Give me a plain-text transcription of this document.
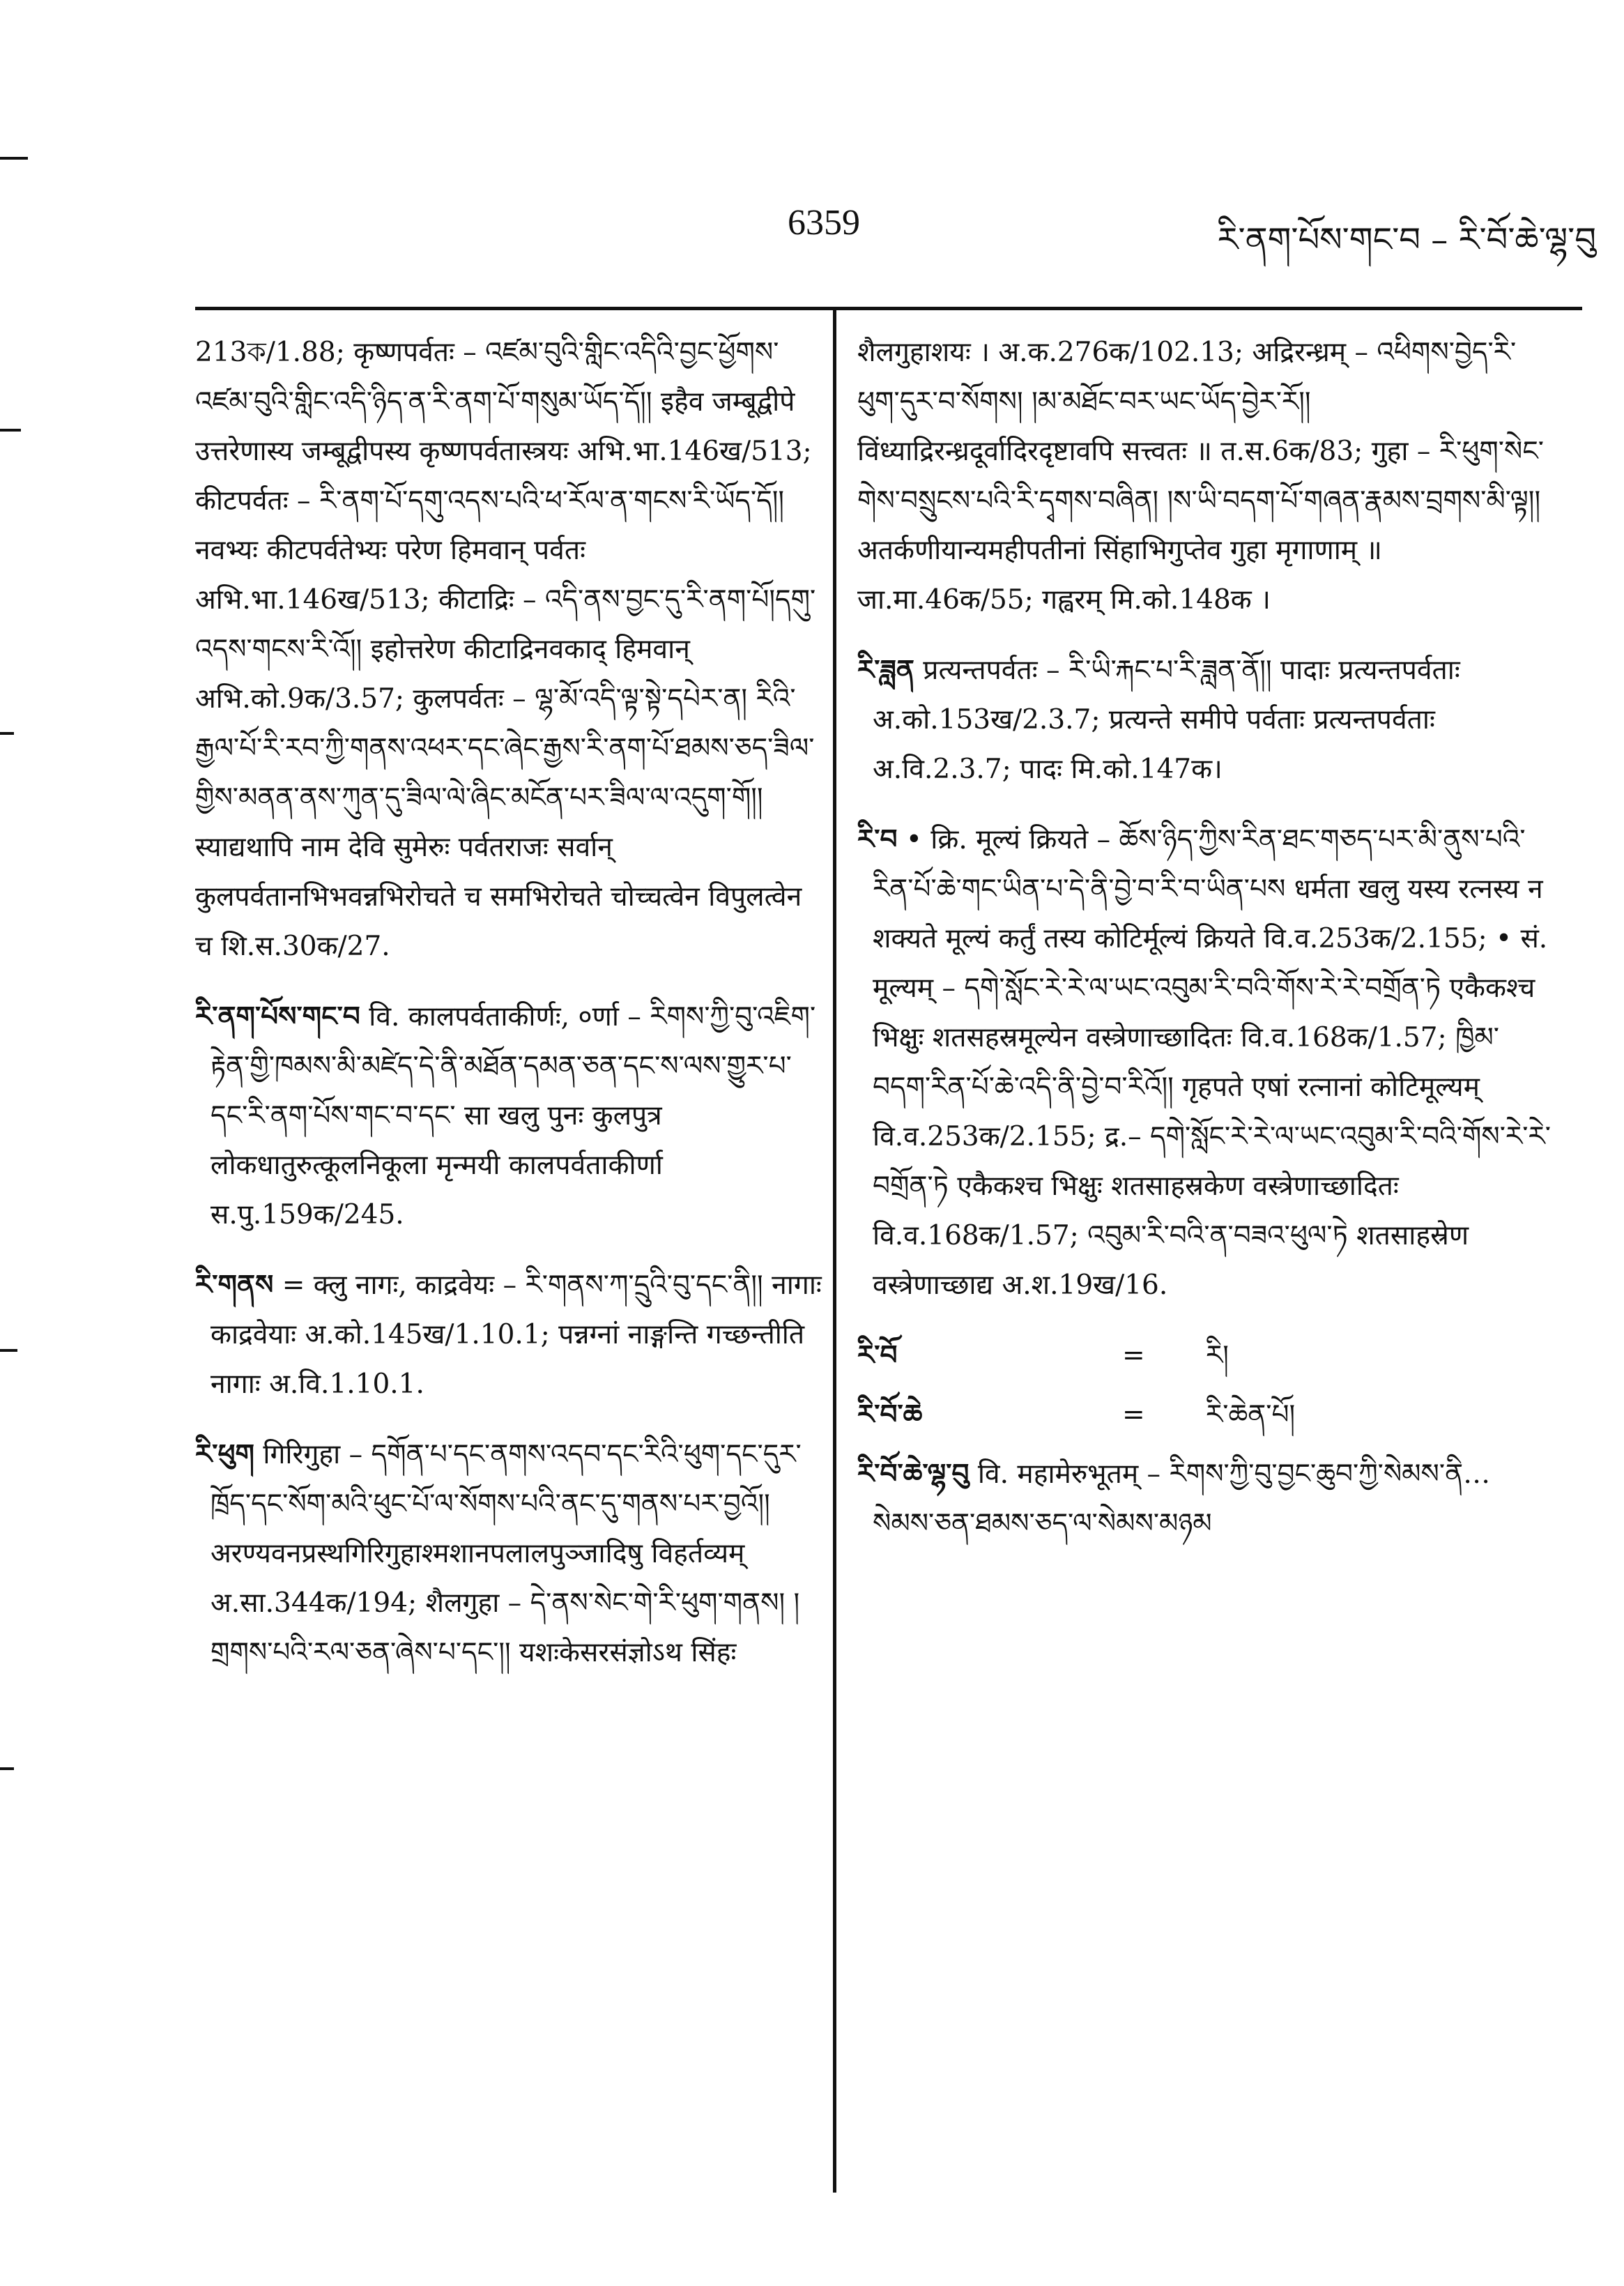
6359	རི་ནག་པོས་གང་བ – རི་བོ་ཆེ་ལྷ་བུ

213ক/1.88; कृष्णपर्वतः – འཛམ་བུའི་གླིང་འདིའི་བྱང་ཕྱོགས་འཛམ་བུའི་གླིང་འདི་ཉིད་ན་རི་ནག་པོ་གསུམ་ཡོད་དོ།། इहैव जम्बूद्वीपे उत्तरेणास्य जम्बूद्वीपस्य कृष्णपर्वतास्त्रयः अभि.भा.146ख/513; कीटपर्वतः – རི་ནག་པོ་དགུ་འདས་པའི་ཕ་རོལ་ན་གངས་རི་ཡོད་དོ།། नवभ्यः कीटपर्वतेभ्यः परेण हिमवान् पर्वतः अभि.भा.146ख/513; कीटाद्रिः – འདི་ནས་བྱང་དུ་རི་ནག་པོ།དགུ་འདས་གངས་རི་འོ།། इहोत्तरेण कीटाद्रिनवकाद् हिमवान् अभि.को.9क/3.57; कुलपर्वतः – ལྷ་མོ་འདི་ལྟ་སྟེ་དཔེར་ན། རིའི་རྒྱལ་པོ་རི་རབ་ཀྱི་གནས་འཕར་དང་ཞེང་རྒྱས་རི་ནག་པོ་ཐམས་ཅད་ཟིལ་གྱིས་མནན་ནས་ཀུན་དུ་ཟིལ་ལེ་ཞིང་མངོན་པར་ཟིལ་ལ་འདུག་གོ།། स्याद्यथापि नाम देवि सुमेरुः पर्वतराजः सर्वान् कुलपर्वतानभिभवन्नभिरोचते च समभिरोचते चोच्चत्वेन विपुलत्वेन च शि.स.30क/27.

རི་ནག་པོས་གང་བ वि. कालपर्वताकीर्णः, ०र्णा – རིགས་ཀྱི་བུ་འཇིག་རྟེན་གྱི་ཁམས་མི་མཛེད་དེ་ནི་མཐོན་དམན་ཅན་དང་ས་ལས་གྱུར་པ་དང་རི་ནག་པོས་གང་བ་དང་ सा खलु पुनः कुलपुत्र लोकधातुरुत्कूलनिकूला मृन्मयी कालपर्वताकीर्णा स.पु.159क/245.

རི་གནས = क्लु नागः, काद्रवेयः – རི་གནས་ཀ་དྲུའི་བུ་དང་ནི།། नागाः काद्रवेयाः अ.को.145ख/1.10.1; पन्नग्नां नाङ्गन्ति गच्छन्तीति नागाः अ.वि.1.10.1.

རི་ཕུག गिरिगुहा – དགོན་པ་དང་ནགས་འདབ་དང་རིའི་ཕུག་དང་དུར་ཁྲོད་དང་སོག་མའི་ཕུང་པོ་ལ་སོགས་པའི་ནང་དུ་གནས་པར་བྱའོ།། अरण्यवनप्रस्थगिरिगुहाश्मशानपलालपुञ्जादिषु विहर्तव्यम् अ.सा.344क/194; शैलगुहा – དེ་ནས་སེང་གེ་རི་ཕུག་གནས། །གྲགས་པའི་རལ་ཅན་ཞེས་པ་དང་།། यशःकेसरसंज्ञोऽथ सिंहः

शैलगुहाशयः । अ.क.276क/102.13; अद्रिरन्ध्रम् – འཕིགས་བྱེད་རི་ཕུག་དུར་བ་སོགས། །མ་མཐོང་བར་ཡང་ཡོད་བྱེར་རོ།། विंध्याद्रिरन्ध्रदूर्वादिरदृष्टावपि सत्त्वतः ॥ त.स.6क/83; गुहा – རི་ཕུག་སེང་གེས་བསྲུངས་པའི་རི་དྭགས་བཞིན། །ས་ཡི་བདག་པོ་གཞན་རྣམས་བྲགས་མི་ལྟ།། अतर्कणीयान्यमहीपतीनां सिंहाभिगुप्तेव गुहा मृगाणाम् ॥ जा.मा.46क/55; गह्वरम् मि.को.148क ।

རི་ཟླན प्रत्यन्तपर्वतः – རི་ཡི་རྐང་པ་རི་ཟླན་ནོ།། पादाः प्रत्यन्तपर्वताः अ.को.153ख/2.3.7; प्रत्यन्ते समीपे पर्वताः प्रत्यन्तपर्वताः अ.वि.2.3.7; पादः मि.को.147क।

རི་བ • क्रि. मूल्यं क्रियते – ཆོས་ཉིད་ཀྱིས་རིན་ཐང་གཅད་པར་མི་ནུས་པའི་རིན་པོ་ཆེ་གང་ཡིན་པ་དེ་ནི་བྱེ་བ་རི་བ་ཡིན་པས धर्मता खलु यस्य रत्नस्य न शक्यते मूल्यं कर्तुं तस्य कोटिर्मूल्यं क्रियते वि.व.253क/2.155; • सं. मूल्यम् – དགེ་སློང་རེ་རེ་ལ་ཡང་འབུམ་རི་བའི་གོས་རེ་རེ་བགྲོན་ཏེ एकैकश्च भिक्षुः शतसहस्रमूल्येन वस्त्रेणाच्छादितः वि.व.168क/1.57; ཁྱིམ་བདག་རིན་པོ་ཆེ་འདི་ནི་བྱེ་བ་རིའོ།། गृहपते एषां रत्नानां कोटिमूल्यम् वि.व.253क/2.155; द्र.– དགེ་སློང་རེ་རེ་ལ་ཡང་འབུམ་རི་བའི་གོས་རེ་རེ་བགྲོན་ཏེ एकैकश्च भिक्षुः शतसाहस्रकेण वस्त्रेणाच्छादितः वि.व.168क/1.57; འབུམ་རི་བའི་ན་བཟའ་ཕུལ་ཏེ शतसाहस्रेण वस्त्रेणाच्छाद्य अ.श.19ख/16.

རི་བོ	=	རི།
རི་བོ་ཆེ	=	རི་ཆེན་པོ།

རི་བོ་ཆེ་ལྷ་བུ वि. महामेरुभूतम् – རིགས་ཀྱི་བུ་བྱང་ཆུབ་ཀྱི་སེམས་ནི… སེམས་ཅན་ཐམས་ཅད་ལ་སེམས་མཉམ
